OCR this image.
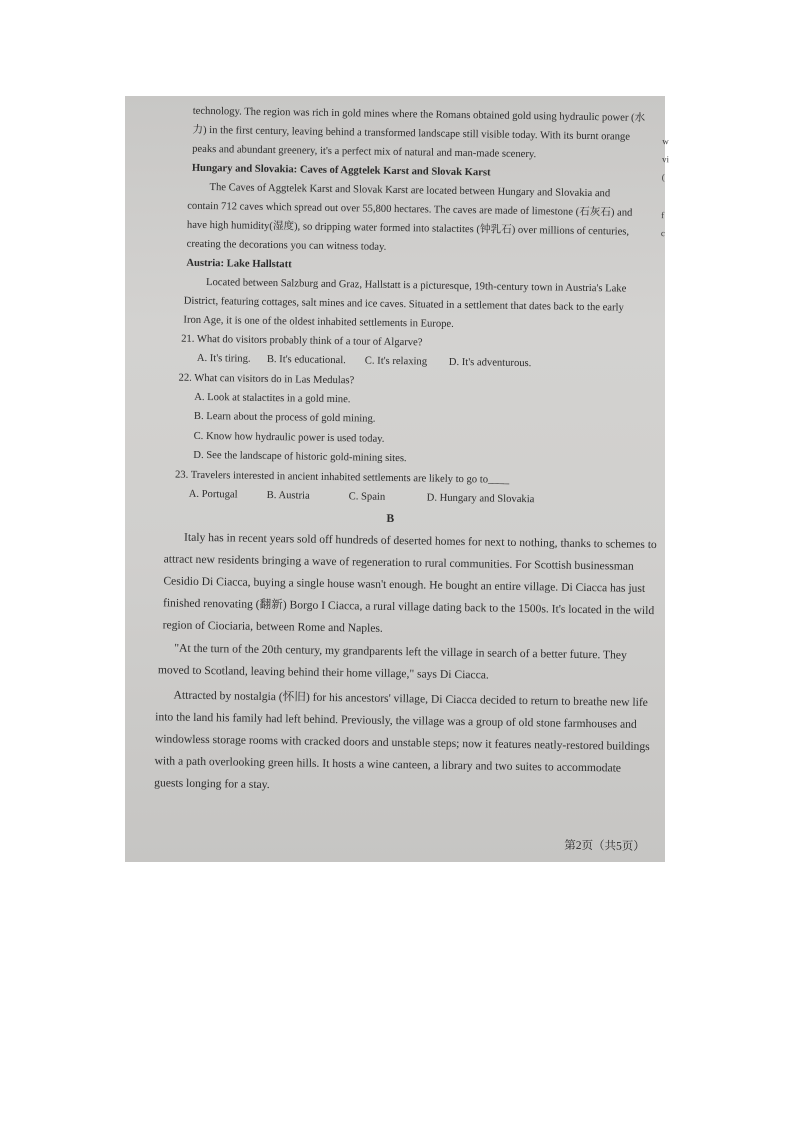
technology. The region was rich in gold mines where the Romans obtained gold using hydraulic power (水
力) in the first century, leaving behind a transformed landscape still visible today. With its burnt orange
peaks and abundant greenery, it's a perfect mix of natural and man-made scenery.
Hungary and Slovakia: Caves of Aggtelek Karst and Slovak Karst
The Caves of Aggtelek Karst and Slovak Karst are located between Hungary and Slovakia and
contain 712 caves which spread out over 55,800 hectares. The caves are made of limestone (石灰石) and
have high humidity(湿度), so dripping water formed into stalactites (钟乳石) over millions of centuries,
creating the decorations you can witness today.
Austria: Lake Hallstatt
Located between Salzburg and Graz, Hallstatt is a picturesque, 19th-century town in Austria's Lake
District, featuring cottages, salt mines and ice caves. Situated in a settlement that dates back to the early
Iron Age, it is one of the oldest inhabited settlements in Europe.
21. What do visitors probably think of a tour of Algarve?
A. It's tiring. B. It's educational. C. It's relaxing D. It's adventurous.
22. What can visitors do in Las Medulas?
A. Look at stalactites in a gold mine.
B. Learn about the process of gold mining.
C. Know how hydraulic power is used today.
D. See the landscape of historic gold-mining sites.
23. Travelers interested in ancient inhabited settlements are likely to go to____
A. Portugal	B. Austria	C. Spain	D. Hungary and Slovakia
B
Italy has in recent years sold off hundreds of deserted homes for next to nothing, thanks to schemes to
attract new residents bringing a wave of regeneration to rural communities. For Scottish businessman
Cesidio Di Ciacca, buying a single house wasn't enough. He bought an entire village. Di Ciacca has just
finished renovating (翻新) Borgo I Ciacca, a rural village dating back to the 1500s. It's located in the wild
region of Ciociaria, between Rome and Naples.
"At the turn of the 20th century, my grandparents left the village in search of a better future. They
moved to Scotland, leaving behind their home village," says Di Ciacca.
Attracted by nostalgia (怀旧) for his ancestors' village, Di Ciacca decided to return to breathe new life
into the land his family had left behind. Previously, the village was a group of old stone farmhouses and
windowless storage rooms with cracked doors and unstable steps; now it features neatly-restored buildings
with a path overlooking green hills. It hosts a wine canteen, a library and two suites to accommodate
guests longing for a stay.
w
vi
(
f
c
第2页（共5页）
